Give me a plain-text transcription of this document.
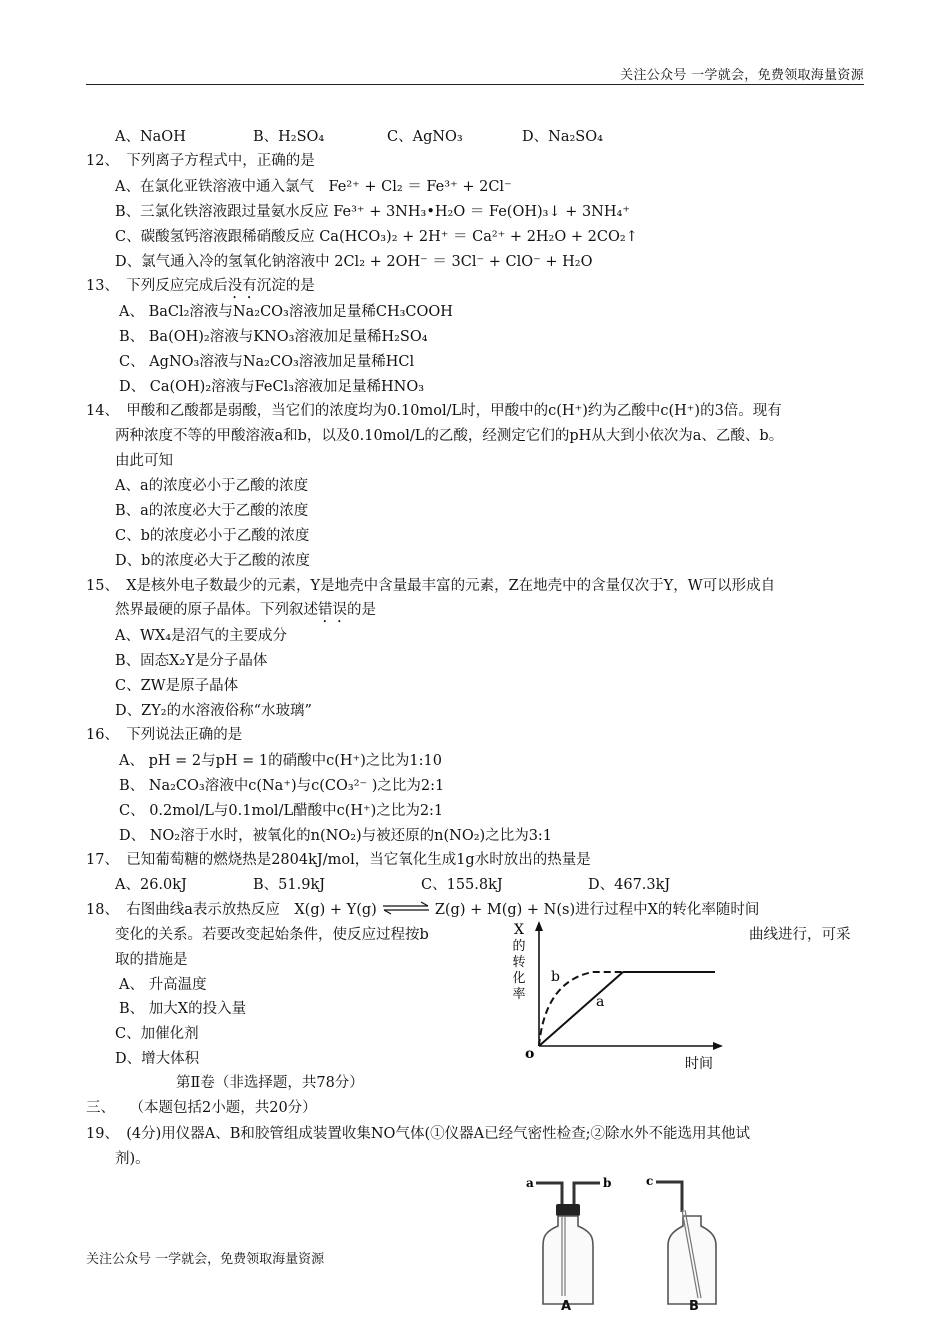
关注公众号 一学就会，免费领取海量资源
A、NaOH	B、H₂SO₄	C、AgNO₃	D、Na₂SO₄
12、　下列离子方程式中，正确的是
A、在氯化亚铁溶液中通入氯气　Fe²⁺ + Cl₂ ＝ Fe³⁺ + 2Cl⁻
B、三氯化铁溶液跟过量氨水反应 Fe³⁺ + 3NH₃•H₂O ＝ Fe(OH)₃↓ + 3NH₄⁺
C、碳酸氢钙溶液跟稀硝酸反应 Ca(HCO₃)₂ + 2H⁺ ＝ Ca²⁺ + 2H₂O + 2CO₂↑
D、氯气通入冷的氢氧化钠溶液中 2Cl₂ + 2OH⁻ ＝ 3Cl⁻ + ClO⁻ + H₂O
13、　下列反应完成后没有沉淀的是
A、 BaCl₂溶液与Na₂CO₃溶液加足量稀CH₃COOH
B、 Ba(OH)₂溶液与KNO₃溶液加足量稀H₂SO₄
C、 AgNO₃溶液与Na₂CO₃溶液加足量稀HCl
D、 Ca(OH)₂溶液与FeCl₃溶液加足量稀HNO₃
14、　甲酸和乙酸都是弱酸，当它们的浓度均为0.10mol/L时，甲酸中的c(H⁺)约为乙酸中c(H⁺)的3倍。现有
两种浓度不等的甲酸溶液a和b，以及0.10mol/L的乙酸，经测定它们的pH从大到小依次为a、乙酸、b。
由此可知
A、a的浓度必小于乙酸的浓度
B、a的浓度必大于乙酸的浓度
C、b的浓度必小于乙酸的浓度
D、b的浓度必大于乙酸的浓度
15、　X是核外电子数最少的元素，Y是地壳中含量最丰富的元素，Z在地壳中的含量仅次于Y，W可以形成自
然界最硬的原子晶体。下列叙述错误的是
A、WX₄是沼气的主要成分
B、固态X₂Y是分子晶体
C、ZW是原子晶体
D、ZY₂的水溶液俗称“水玻璃”
16、　下列说法正确的是
A、 pH = 2与pH = 1的硝酸中c(H⁺)之比为1:10
B、 Na₂CO₃溶液中c(Na⁺)与c(CO₃²⁻ )之比为2:1
C、 0.2mol/L与0.1mol/L醋酸中c(H⁺)之比为2:1
D、 NO₂溶于水时，被氧化的n(NO₂)与被还原的n(NO₂)之比为3:1
17、　已知葡萄糖的燃烧热是2804kJ/mol，当它氧化生成1g水时放出的热量是
A、26.0kJ	B、51.9kJ	C、155.8kJ	D、467.3kJ
18、　右图曲线a表示放热反应　X(g) + Y(g) ⇌ Z(g) + M(g) + N(s)进行过程中X的转化率随时间
变化的关系。若要改变起始条件，使反应过程按b	曲线进行，可采
取的措施是
A、 升高温度
B、 加大X的投入量
C、加催化剂
D、增大体积
X
的
转
化
率
o
时间
b
a
第Ⅱ卷（非选择题，共78分）
三、　　（本题包括2小题，共20分）
19、　(4分)用仪器A、B和胶管组成装置收集NO气体(①仪器A已经气密性检查;②除水外不能选用其他试
剂)。
a	b	c
A	B
关注公众号 一学就会，免费领取海量资源
